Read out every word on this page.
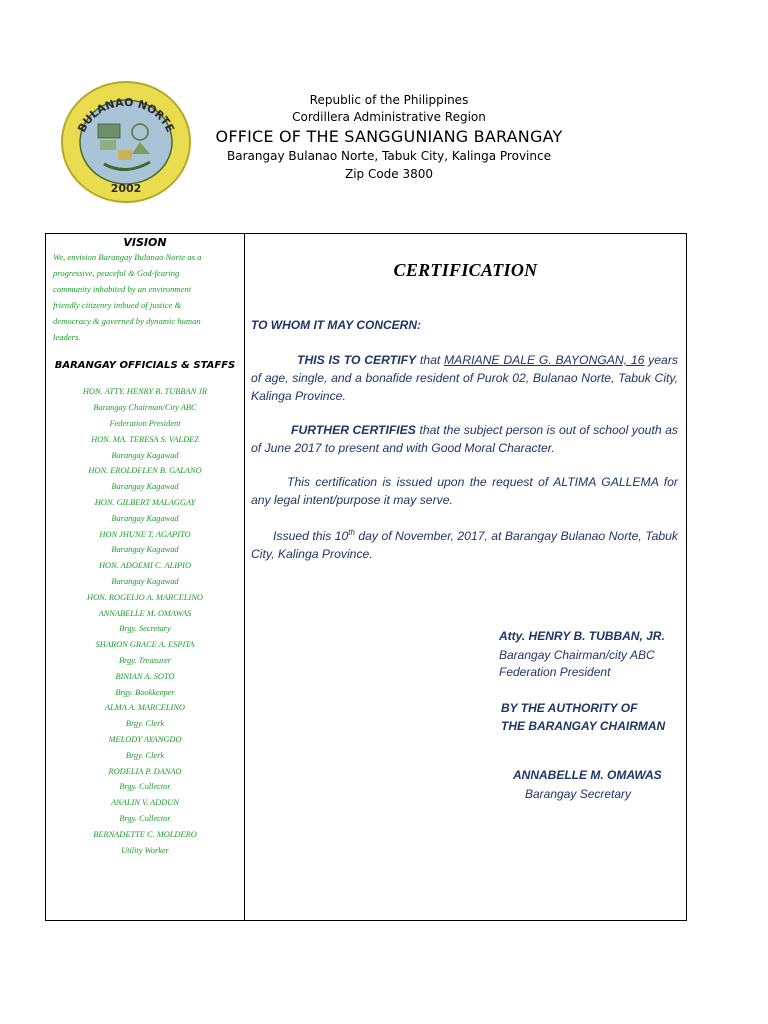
BULANAO NORTE
2002
Republic of the Philippines
Cordillera Administrative Region
OFFICE OF THE SANGGUNIANG BARANGAY
Barangay Bulanao Norte, Tabuk City, Kalinga Province
Zip Code 3800
VISION
We, envision Barangay Bulanao Norte as a
progressive, peaceful & God-fearing
community inhabited by an environment
friendly citizenry imbued of justice &
democracy & governed by dynamic human
leaders.
BARANGAY OFFICIALS & STAFFS
HON. ATTY. HENRY B. TUBBAN JR
Barangay Chairman/City ABC
Federation President
HON. MA. TERESA S. VALDEZ
Barangay Kagawad
HON. EROLDFLEN B. GALANO
Barangay Kagawad
HON. GILBERT MALAGGAY
Barangay Kagawad
HON JHUNE T. AGAPITO
Barangay Kagawad
HON. ADOEMI C. ALIPIO
Barangay Kagawad
HON. ROGELIO A. MARCELINO
ANNABELLE M. OMAWAS
Brgy. Secretary
SHARON GRACE A. ESPITA
Brgy. Treasurer
BINIAN A. SOTO
Brgy. Bookkeeper
ALMA A. MARCELINO
Brgy. Clerk
MELODY AYANGDO
Brgy. Clerk
RODELIA P. DANAO
Brgy. Collector
ANALIN V. ADDUN
Brgy. Collector
BERNADETTE C. MOLDERO
Utility Worker
CERTIFICATION
TO WHOM IT MAY CONCERN:
THIS IS TO CERTIFY that MARIANE DALE G. BAYONGAN, 16 years of age, single, and a bonafide resident of Purok 02, Bulanao Norte, Tabuk City, Kalinga Province.
FURTHER CERTIFIES that the subject person is out of school youth as of June 2017 to present and with Good Moral Character.
This certification is issued upon the request of ALTIMA GALLEMA for any legal intent/purpose it may serve.
Issued this 10th day of November, 2017, at Barangay Bulanao Norte, Tabuk City, Kalinga Province.
Atty. HENRY B. TUBBAN, JR.
Barangay Chairman/city ABC
Federation President
BY THE AUTHORITY OF
THE BARANGAY CHAIRMAN
ANNABELLE M. OMAWAS
Barangay Secretary
